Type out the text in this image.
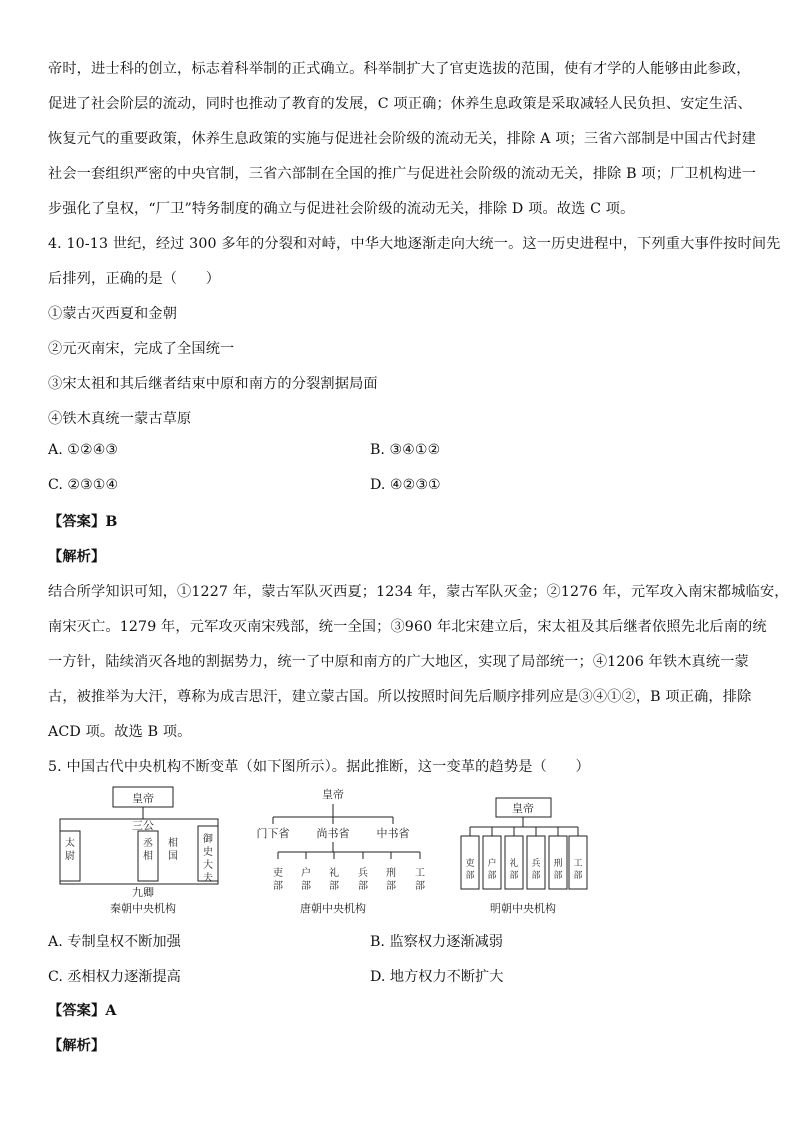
帝时，进士科的创立，标志着科举制的正式确立。科举制扩大了官吏选拔的范围，使有才学的人能够由此参政，
促进了社会阶层的流动，同时也推动了教育的发展，C 项正确；休养生息政策是采取减轻人民负担、安定生活、
恢复元气的重要政策，休养生息政策的实施与促进社会阶级的流动无关，排除 A 项；三省六部制是中国古代封建
社会一套组织严密的中央官制，三省六部制在全国的推广与促进社会阶级的流动无关，排除 B 项；厂卫机构进一
步强化了皇权，“厂卫”特务制度的确立与促进社会阶级的流动无关，排除 D 项。故选 C 项。
4. 10-13 世纪，经过 300 多年的分裂和对峙，中华大地逐渐走向大统一。这一历史进程中，下列重大事件按时间先
后排列，正确的是（　　）
①蒙古灭西夏和金朝
②元灭南宋，完成了全国统一
③宋太祖和其后继者结束中原和南方的分裂割据局面
④铁木真统一蒙古草原
A. ①②④③	B. ③④①②
C. ②③①④	D. ④②③①
【答案】B
【解析】
结合所学知识可知，①1227 年，蒙古军队灭西夏；1234 年，蒙古军队灭金；②1276 年，元军攻入南宋都城临安，
南宋灭亡。1279 年，元军攻灭南宋残部，统一全国；③960 年北宋建立后，宋太祖及其后继者依照先北后南的统
一方针，陆续消灭各地的割据势力，统一了中原和南方的广大地区，实现了局部统一；④1206 年铁木真统一蒙
古，被推举为大汗，尊称为成吉思汗，建立蒙古国。所以按照时间先后顺序排列应是③④①②，B 项正确，排除
ACD 项。故选 B 项。
5. 中国古代中央机构不断变革（如下图所示）。据此推断，这一变革的趋势是（　　）
皇帝
三公
太尉
丞相
相国
御史大夫
九卿
秦朝中央机构
皇帝
门下省 尚书省 中书省
吏部
户部
礼部
兵部
刑部
工部
唐朝中央机构
皇帝
吏部
户部
礼部
兵部
刑部
工部
明朝中央机构
A. 专制皇权不断加强	B. 监察权力逐渐减弱
C. 丞相权力逐渐提高	D. 地方权力不断扩大
【答案】A
【解析】
